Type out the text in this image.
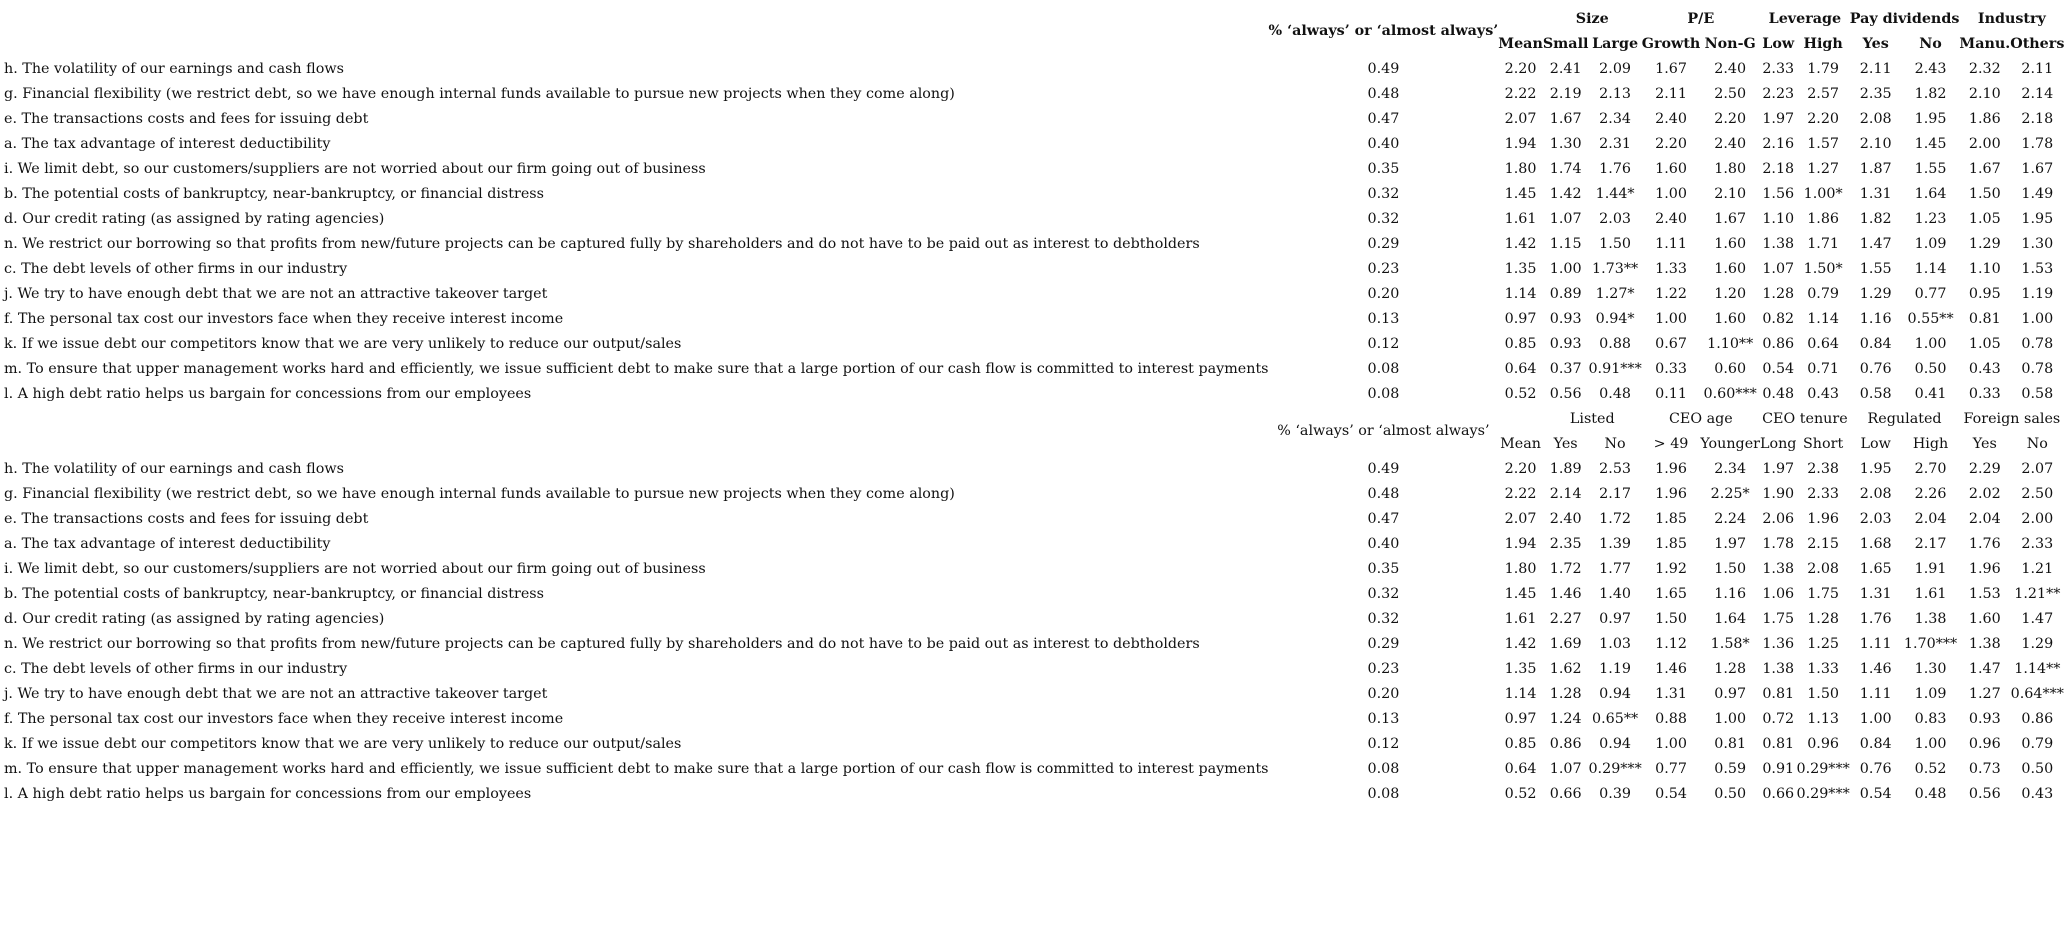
	% ‘always’ or ‘almost always’		Size		P/E		Leverage		Pay dividends		Industry	
		Mean	Small	Large	Growth	Non-G	Low	High	Yes	No	Manu.	Others
h. The volatility of our earnings and cash flows	0.49	2.20	2.41	2.09	1.67	2.40	2.33	1.79	2.11	2.43	2.32	2.11
g. Financial flexibility (we restrict debt, so we have enough internal funds available to pursue new projects when they come along)	0.48	2.22	2.19	2.13	2.11	2.50	2.23	2.57	2.35	1.82	2.10	2.14
e. The transactions costs and fees for issuing debt	0.47	2.07	1.67	2.34	2.40	2.20	1.97	2.20	2.08	1.95	1.86	2.18
a. The tax advantage of interest deductibility	0.40	1.94	1.30	2.31	2.20	2.40	2.16	1.57	2.10	1.45	2.00	1.78
i. We limit debt, so our customers/suppliers are not worried about our firm going out of business	0.35	1.80	1.74	1.76	1.60	1.80	2.18	1.27	1.87	1.55	1.67	1.67
b. The potential costs of bankruptcy, near-bankruptcy, or financial distress	0.32	1.45	1.42	1.44*	1.00	2.10	1.56	1.00*	1.31	1.64	1.50	1.49
d. Our credit rating (as assigned by rating agencies)	0.32	1.61	1.07	2.03	2.40	1.67	1.10	1.86	1.82	1.23	1.05	1.95
n. We restrict our borrowing so that profits from new/future projects can be captured fully by shareholders and do not have to be paid out as interest to debtholders	0.29	1.42	1.15	1.50	1.11	1.60	1.38	1.71	1.47	1.09	1.29	1.30
c. The debt levels of other firms in our industry	0.23	1.35	1.00	1.73**	1.33	1.60	1.07	1.50*	1.55	1.14	1.10	1.53
j. We try to have enough debt that we are not an attractive takeover target	0.20	1.14	0.89	1.27*	1.22	1.20	1.28	0.79	1.29	0.77	0.95	1.19
f. The personal tax cost our investors face when they receive interest income	0.13	0.97	0.93	0.94*	1.00	1.60	0.82	1.14	1.16	0.55**	0.81	1.00
k. If we issue debt our competitors know that we are very unlikely to reduce our output/sales	0.12	0.85	0.93	0.88	0.67	1.10**	0.86	0.64	0.84	1.00	1.05	0.78
m. To ensure that upper management works hard and efficiently, we issue sufficient debt to make sure that a large portion of our cash flow is committed to interest payments	0.08	0.64	0.37	0.91***	0.33	0.60	0.54	0.71	0.76	0.50	0.43	0.78
l. A high debt ratio helps us bargain for concessions from our employees	0.08	0.52	0.56	0.48	0.11	0.60***	0.48	0.43	0.58	0.41	0.33	0.58
	% ‘always’ or ‘almost always’		Listed		CEO age		CEO tenure		Regulated		Foreign sales	
		Mean	Yes	No	> 49	Younger	Long	Short	Low	High	Yes	No
h. The volatility of our earnings and cash flows	0.49	2.20	1.89	2.53	1.96	2.34	1.97	2.38	1.95	2.70	2.29	2.07
g. Financial flexibility (we restrict debt, so we have enough internal funds available to pursue new projects when they come along)	0.48	2.22	2.14	2.17	1.96	2.25*	1.90	2.33	2.08	2.26	2.02	2.50
e. The transactions costs and fees for issuing debt	0.47	2.07	2.40	1.72	1.85	2.24	2.06	1.96	2.03	2.04	2.04	2.00
a. The tax advantage of interest deductibility	0.40	1.94	2.35	1.39	1.85	1.97	1.78	2.15	1.68	2.17	1.76	2.33
i. We limit debt, so our customers/suppliers are not worried about our firm going out of business	0.35	1.80	1.72	1.77	1.92	1.50	1.38	2.08	1.65	1.91	1.96	1.21
b. The potential costs of bankruptcy, near-bankruptcy, or financial distress	0.32	1.45	1.46	1.40	1.65	1.16	1.06	1.75	1.31	1.61	1.53	1.21**
d. Our credit rating (as assigned by rating agencies)	0.32	1.61	2.27	0.97	1.50	1.64	1.75	1.28	1.76	1.38	1.60	1.47
n. We restrict our borrowing so that profits from new/future projects can be captured fully by shareholders and do not have to be paid out as interest to debtholders	0.29	1.42	1.69	1.03	1.12	1.58*	1.36	1.25	1.11	1.70***	1.38	1.29
c. The debt levels of other firms in our industry	0.23	1.35	1.62	1.19	1.46	1.28	1.38	1.33	1.46	1.30	1.47	1.14**
j. We try to have enough debt that we are not an attractive takeover target	0.20	1.14	1.28	0.94	1.31	0.97	0.81	1.50	1.11	1.09	1.27	0.64***
f. The personal tax cost our investors face when they receive interest income	0.13	0.97	1.24	0.65**	0.88	1.00	0.72	1.13	1.00	0.83	0.93	0.86
k. If we issue debt our competitors know that we are very unlikely to reduce our output/sales	0.12	0.85	0.86	0.94	1.00	0.81	0.81	0.96	0.84	1.00	0.96	0.79
m. To ensure that upper management works hard and efficiently, we issue sufficient debt to make sure that a large portion of our cash flow is committed to interest payments	0.08	0.64	1.07	0.29***	0.77	0.59	0.91	0.29***	0.76	0.52	0.73	0.50
l. A high debt ratio helps us bargain for concessions from our employees	0.08	0.52	0.66	0.39	0.54	0.50	0.66	0.29***	0.54	0.48	0.56	0.43
